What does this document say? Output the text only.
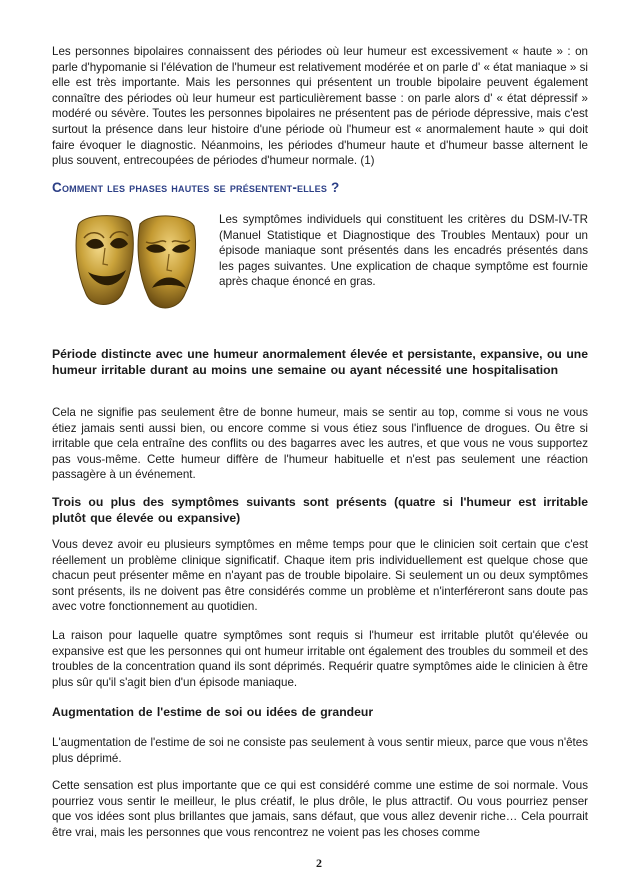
Les personnes bipolaires connaissent des périodes où leur humeur est excessivement « haute » : on parle d'hypomanie si l'élévation de l'humeur est relativement modérée et on parle d' « état maniaque » si elle est très importante. Mais les personnes qui présentent un trouble bipolaire peuvent également connaître des périodes où leur humeur est particulièrement basse : on parle alors d' « état dépressif » modéré ou sévère. Toutes les personnes bipolaires ne présentent pas de période dépressive, mais c'est surtout la présence dans leur histoire d'une période où l'humeur est « anormalement haute » qui doit faire évoquer le diagnostic. Néanmoins, les périodes d'humeur haute et d'humeur basse alternent le plus souvent, entrecoupées de périodes d'humeur normale. (1)

Comment les phases hautes se présentent-elles ?

Les symptômes individuels qui constituent les critères du DSM-IV-TR (Manuel Statistique et Diagnostique des Troubles Mentaux) pour un épisode maniaque sont présentés dans les encadrés présentés dans les pages suivantes. Une explication de chaque symptôme est fournie après chaque énoncé en gras.

Période distincte avec une humeur anormalement élevée et persistante, expansive, ou une humeur irritable durant au moins une semaine ou ayant nécessité une hospitalisation

Cela ne signifie pas seulement être de bonne humeur, mais se sentir au top, comme si vous ne vous étiez jamais senti aussi bien, ou encore comme si vous étiez sous l'influence de drogues. Ou être si irritable que cela entraîne des conflits ou des bagarres avec les autres, et que vous ne vous supportez pas vous-même. Cette humeur diffère de l'humeur habituelle et n'est pas seulement une réaction passagère à un événement.

Trois ou plus des symptômes suivants sont présents (quatre si l'humeur est irritable plutôt que élevée ou expansive)

Vous devez avoir eu plusieurs symptômes en même temps pour que le clinicien soit certain que c'est réellement un problème clinique significatif. Chaque item pris individuellement est quelque chose que chacun peut présenter même en n'ayant pas de trouble bipolaire. Si seulement un ou deux symptômes sont présents, ils ne doivent pas être considérés comme un problème et n'interféreront sans doute pas avec votre fonctionnement au quotidien.

La raison pour laquelle quatre symptômes sont requis si l'humeur est irritable plutôt qu'élevée ou expansive est que les personnes qui ont humeur irritable ont également des troubles du sommeil et des troubles de la concentration quand ils sont déprimés. Requérir quatre symptômes aide le clinicien à être plus sûr qu'il s'agit bien d'un épisode maniaque.

Augmentation de l'estime de soi ou idées de grandeur

L'augmentation de l'estime de soi ne consiste pas seulement à vous sentir mieux, parce que vous n'êtes plus déprimé.

Cette sensation est plus importante que ce qui est considéré comme une estime de soi normale. Vous pourriez vous sentir le meilleur, le plus créatif, le plus drôle, le plus attractif. Ou vous pourriez penser que vos idées sont plus brillantes que jamais, sans défaut, que vous allez devenir riche… Cela pourrait être vrai, mais les personnes que vous rencontrez ne voient pas les choses comme

2
